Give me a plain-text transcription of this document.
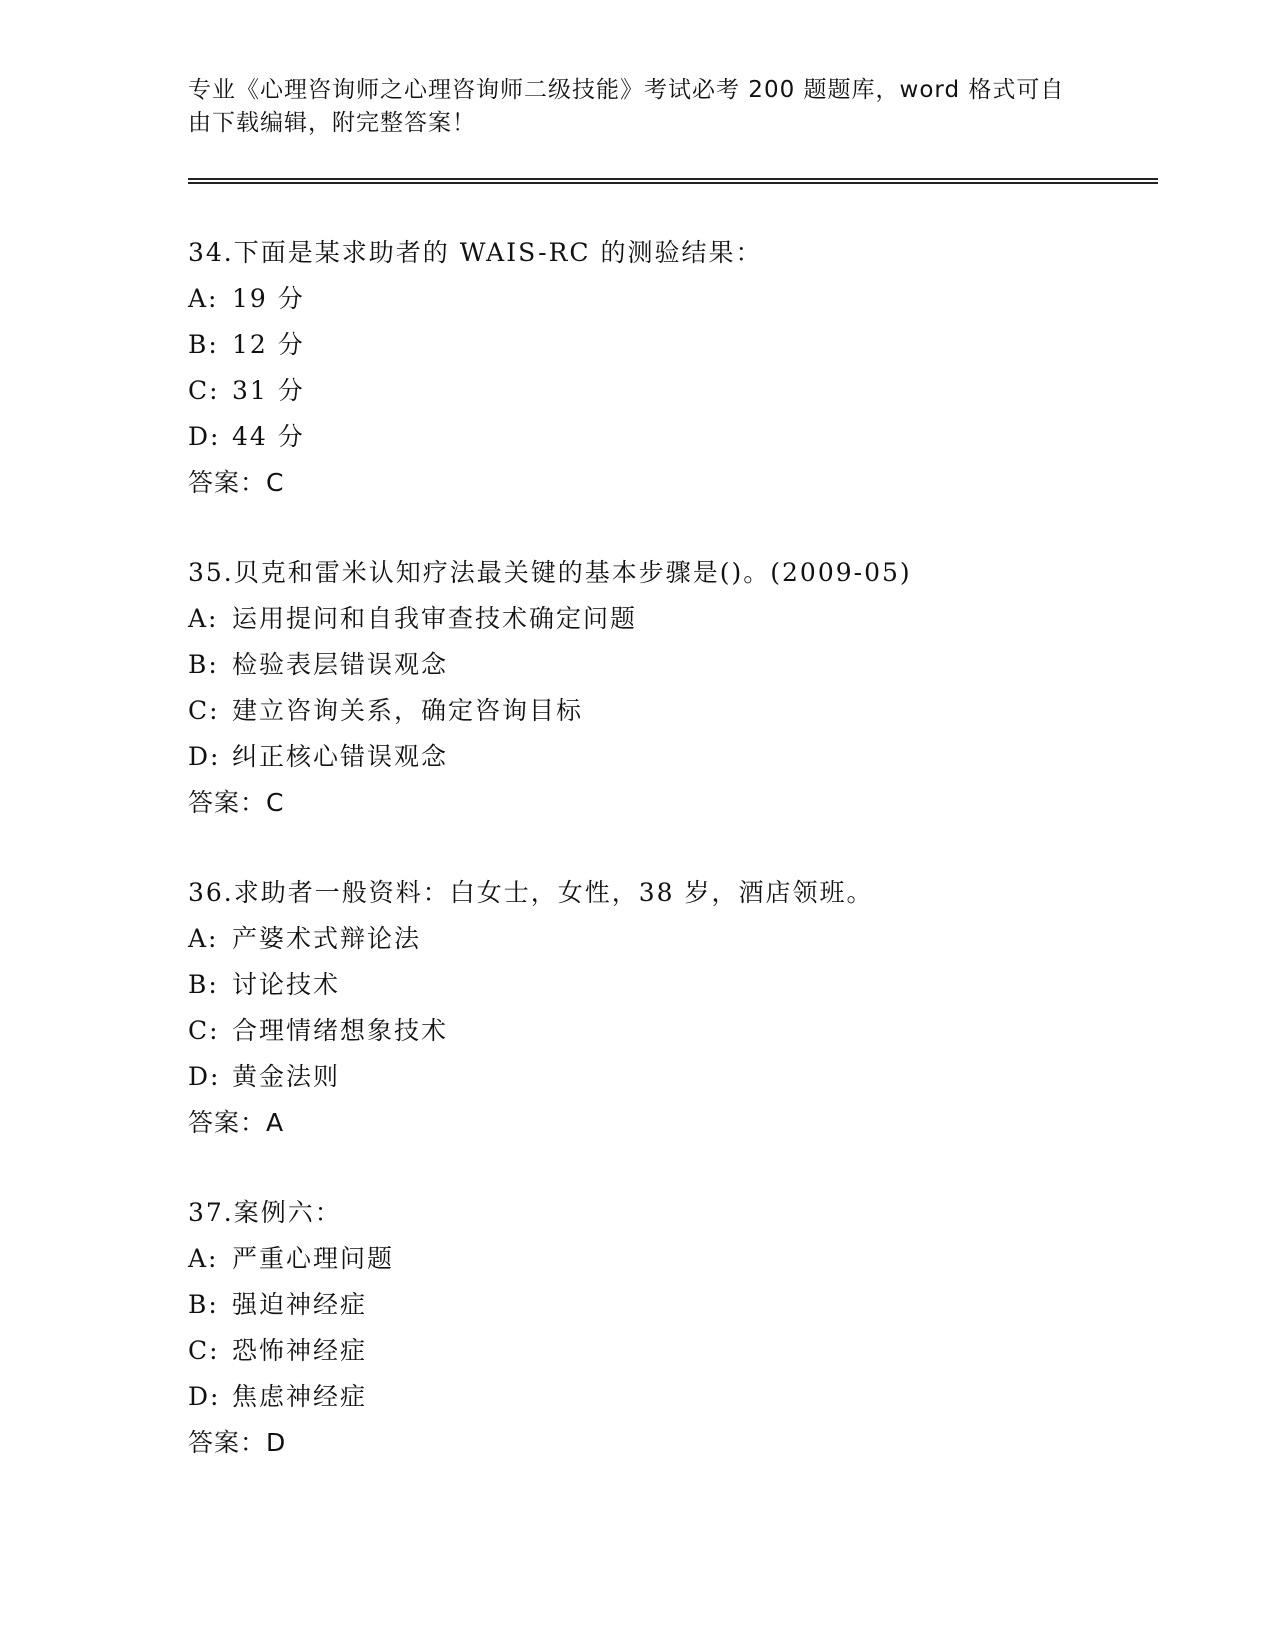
专业《心理咨询师之心理咨询师二级技能》考试必考 200 题题库，word 格式可自
由下载编辑，附完整答案！
34.下面是某求助者的 WAIS-RC 的测验结果：
A: 19 分
B: 12 分
C: 31 分
D: 44 分
答案：C
35.贝克和雷米认知疗法最关键的基本步骤是()。(2009-05)
A: 运用提问和自我审查技术确定问题
B: 检验表层错误观念
C: 建立咨询关系，确定咨询目标
D: 纠正核心错误观念
答案：C
36.求助者一般资料：白女士，女性，38 岁，酒店领班。
A: 产婆术式辩论法
B: 讨论技术
C: 合理情绪想象技术
D: 黄金法则
答案：A
37.案例六：
A: 严重心理问题
B: 强迫神经症
C: 恐怖神经症
D: 焦虑神经症
答案：D
